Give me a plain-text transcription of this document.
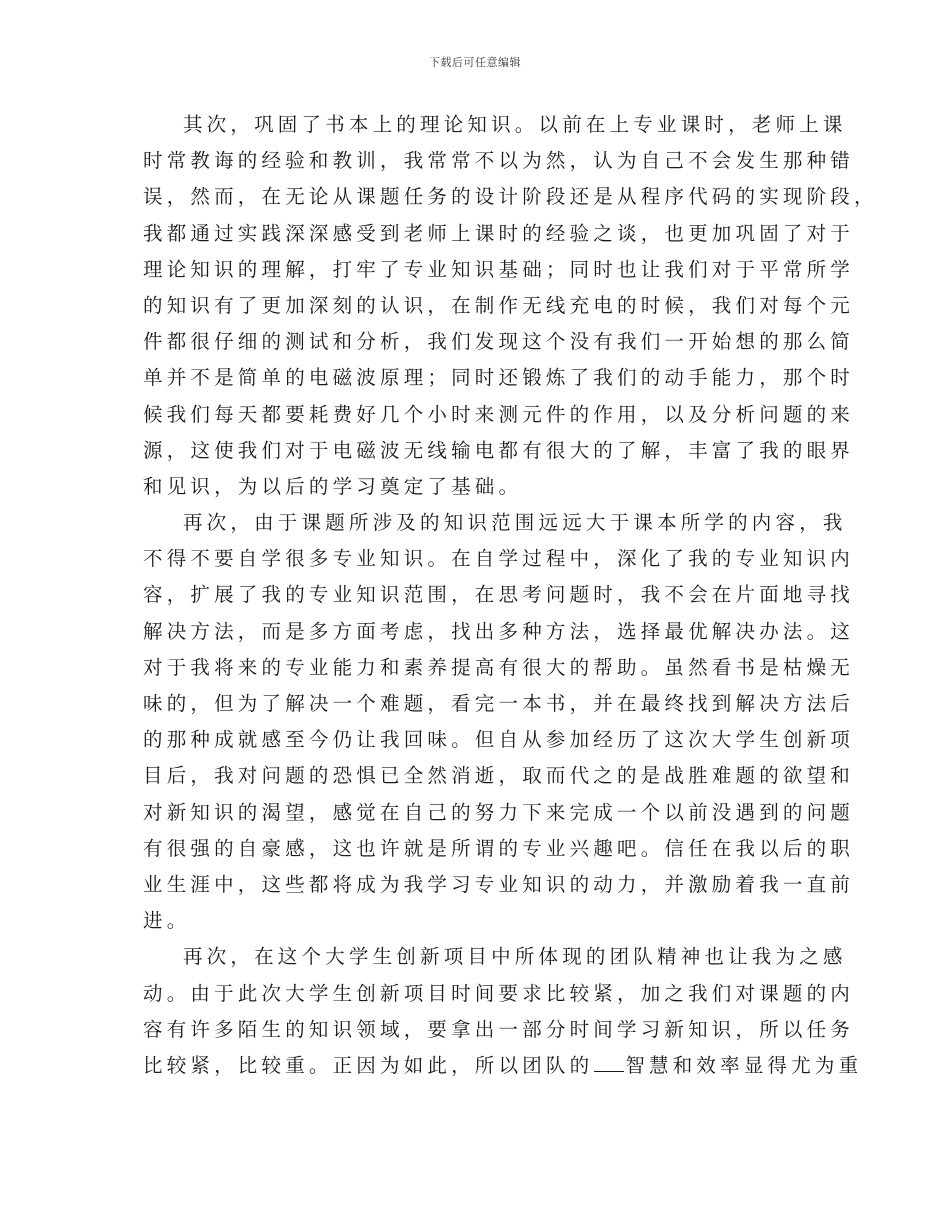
下载后可任意编辑
其次，巩固了书本上的理论知识。以前在上专业课时，老师上课
时常教诲的经验和教训，我常常不以为然，认为自己不会发生那种错
误，然而，在无论从课题任务的设计阶段还是从程序代码的实现阶段，
我都通过实践深深感受到老师上课时的经验之谈，也更加巩固了对于
理论知识的理解，打牢了专业知识基础；同时也让我们对于平常所学
的知识有了更加深刻的认识，在制作无线充电的时候，我们对每个元
件都很仔细的测试和分析，我们发现这个没有我们一开始想的那么简
单并不是简单的电磁波原理；同时还锻炼了我们的动手能力，那个时
候我们每天都要耗费好几个小时来测元件的作用，以及分析问题的来
源，这使我们对于电磁波无线输电都有很大的了解，丰富了我的眼界
和见识，为以后的学习奠定了基础。
再次，由于课题所涉及的知识范围远远大于课本所学的内容，我
不得不要自学很多专业知识。在自学过程中，深化了我的专业知识内
容，扩展了我的专业知识范围，在思考问题时，我不会在片面地寻找
解决方法，而是多方面考虑，找出多种方法，选择最优解决办法。这
对于我将来的专业能力和素养提高有很大的帮助。虽然看书是枯燥无
味的，但为了解决一个难题，看完一本书，并在最终找到解决方法后
的那种成就感至今仍让我回味。但自从参加经历了这次大学生创新项
目后，我对问题的恐惧已全然消逝，取而代之的是战胜难题的欲望和
对新知识的渴望，感觉在自己的努力下来完成一个以前没遇到的问题
有很强的自豪感，这也许就是所谓的专业兴趣吧。信任在我以后的职
业生涯中，这些都将成为我学习专业知识的动力，并激励着我一直前
进。
再次，在这个大学生创新项目中所体现的团队精神也让我为之感
动。由于此次大学生创新项目时间要求比较紧，加之我们对课题的内
容有许多陌生的知识领域，要拿出一部分时间学习新知识，所以任务
比较紧，比较重。正因为如此，所以团队的 智慧和效率显得尤为重
